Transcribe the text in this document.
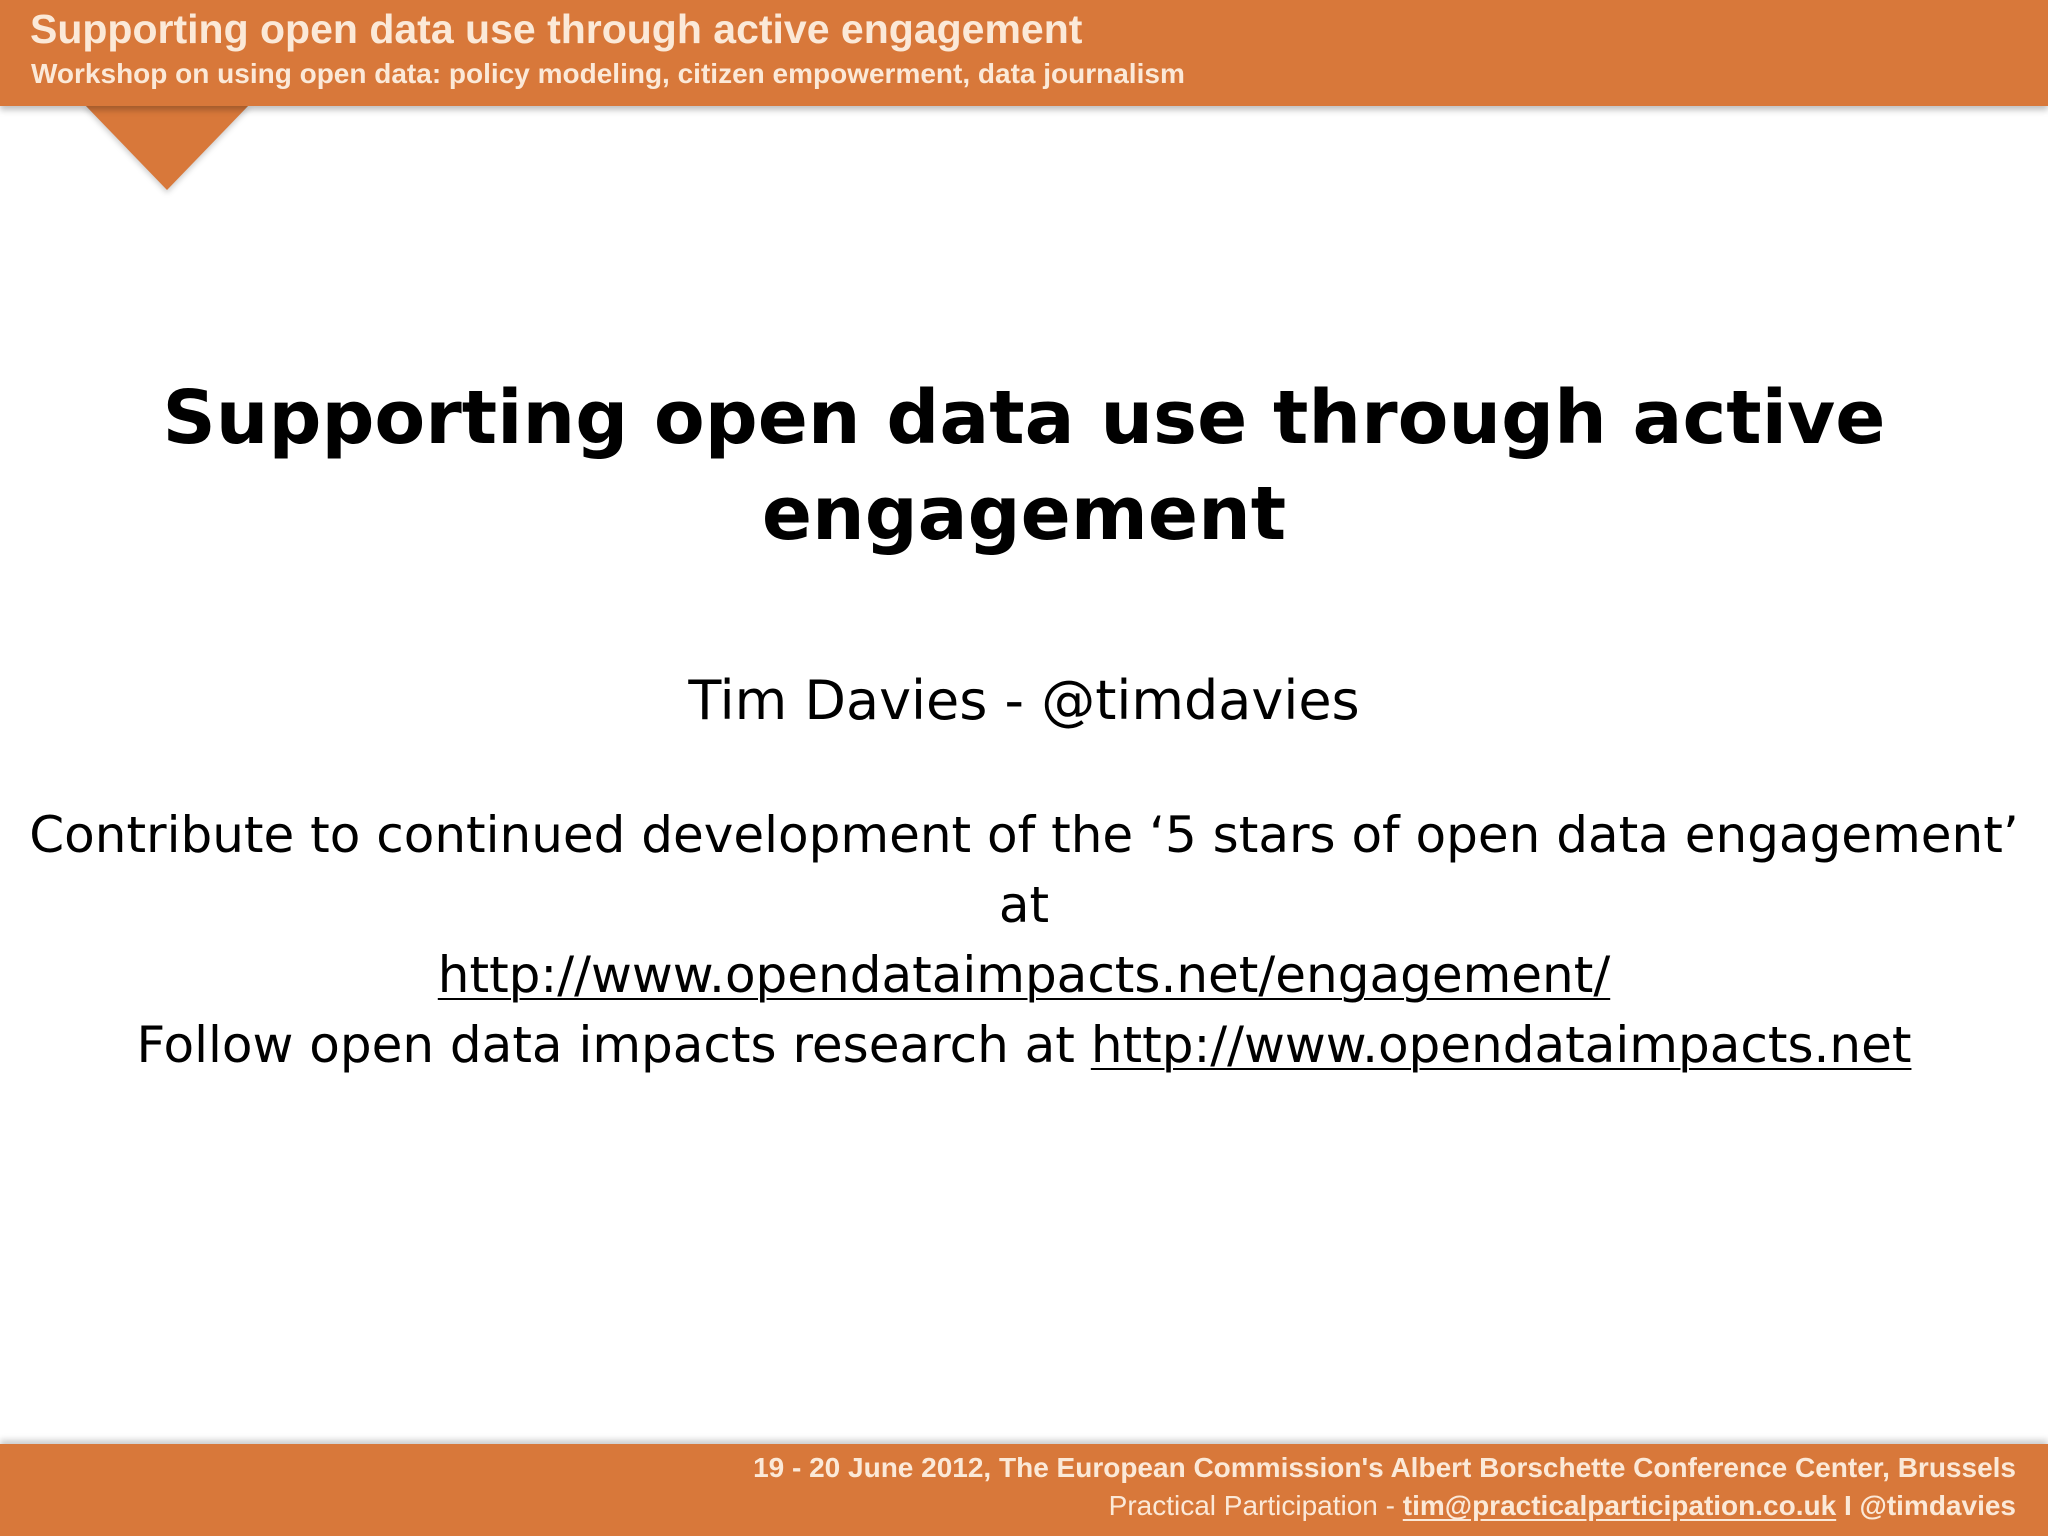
Supporting open data use through active engagement
Workshop on using open data: policy modeling, citizen empowerment, data journalism
Supporting open data use through active engagement
Tim Davies - @timdavies
Contribute to continued development of the ‘5 stars of open data engagement’ at
http://www.opendataimpacts.net/engagement/
Follow open data impacts research at http://www.opendataimpacts.net
19 - 20 June 2012, The European Commission's Albert Borschette Conference Center, Brussels
Practical Participation - tim@practicalparticipation.co.uk I @timdavies
